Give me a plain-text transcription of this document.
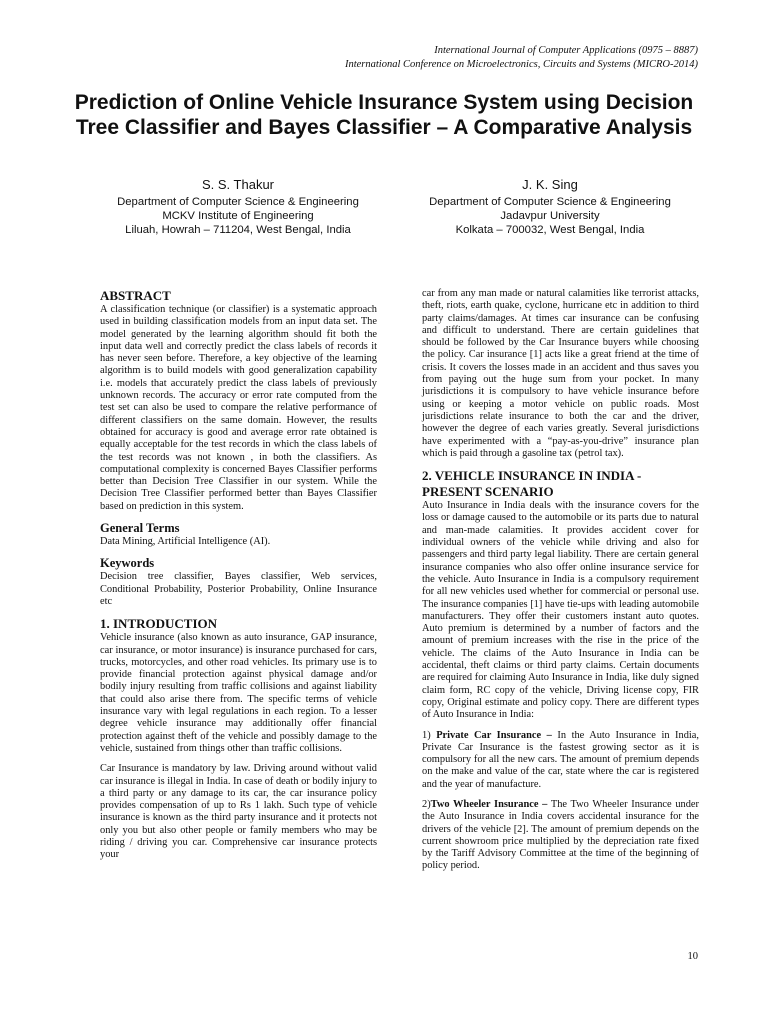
International Journal of Computer Applications (0975 – 8887)
International Conference on Microelectronics, Circuits and Systems (MICRO-2014)
Prediction of Online Vehicle Insurance System using Decision Tree Classifier and Bayes Classifier – A Comparative Analysis
S. S. Thakur
Department of Computer Science & Engineering
MCKV Institute of Engineering
Liluah, Howrah – 711204, West Bengal, India
J. K. Sing
Department of Computer Science & Engineering
Jadavpur University
Kolkata – 700032, West Bengal, India
ABSTRACT

A classification technique (or classifier) is a systematic approach used in building classification models from an input data set. The model generated by the learning algorithm should fit both the input data well and correctly predict the class labels of records it has never seen before. Therefore, a key objective of the learning algorithm is to build models with good generalization capability i.e. models that accurately predict the class labels of previously unknown records. The accuracy or error rate computed from the test set can also be used to compare the relative performance of different classifiers on the same domain. However, the results obtained for accuracy is good and average error rate obtained is equally acceptable for the test records in which the class labels of the test records was not known , in both the classifiers. As computational complexity is concerned Bayes Classifier performs better than Decision Tree Classifier in our system. While the Decision Tree Classifier performed better than Bayes Classifier based on prediction in this system.

General Terms

Data Mining, Artificial Intelligence (AI).

Keywords

Decision tree classifier, Bayes classifier, Web services, Conditional Probability, Posterior Probability, Online Insurance etc

1. INTRODUCTION

Vehicle insurance (also known as auto insurance, GAP insurance, car insurance, or motor insurance) is insurance purchased for cars, trucks, motorcycles, and other road vehicles. Its primary use is to provide financial protection against physical damage and/or bodily injury resulting from traffic collisions and against liability that could also arise there from. The specific terms of vehicle insurance vary with legal regulations in each region. To a lesser degree vehicle insurance may additionally offer financial protection against theft of the vehicle and possibly damage to the vehicle, sustained from things other than traffic collisions.

Car Insurance is mandatory by law. Driving around without valid car insurance is illegal in India. In case of death or bodily injury to a third party or any damage to its car, the car insurance policy provides compensation of up to Rs 1 lakh. Such type of vehicle insurance is known as the third party insurance and it protects not only you but also other people or family members who may be riding / driving you car. Comprehensive car insurance protects your

car from any man made or natural calamities like terrorist attacks, theft, riots, earth quake, cyclone, hurricane etc in addition to third party claims/damages. At times car insurance can be confusing and difficult to understand. There are certain guidelines that should be followed by the Car Insurance buyers while choosing the policy. Car insurance [1] acts like a great friend at the time of crisis. It covers the losses made in an accident and thus saves you from paying out the huge sum from your pocket. In many jurisdictions it is compulsory to have vehicle insurance before using or keeping a motor vehicle on public roads. Most jurisdictions relate insurance to both the car and the driver, however the degree of each varies greatly. Several jurisdictions have experimented with a “pay-as-you-drive” insurance plan which is paid through a gasoline tax (petrol tax).

2. VEHICLE INSURANCE IN INDIA - PRESENT SCENARIO

Auto Insurance in India deals with the insurance covers for the loss or damage caused to the automobile or its parts due to natural and man-made calamities. It provides accident cover for individual owners of the vehicle while driving and also for passengers and third party legal liability. There are certain general insurance companies who also offer online insurance service for the vehicle. Auto Insurance in India is a compulsory requirement for all new vehicles used whether for commercial or personal use. The insurance companies [1] have tie-ups with leading automobile manufacturers. They offer their customers instant auto quotes. Auto premium is determined by a number of factors and the amount of premium increases with the rise in the price of the vehicle. The claims of the Auto Insurance in India can be accidental, theft claims or third party claims. Certain documents are required for claiming Auto Insurance in India, like duly signed claim form, RC copy of the vehicle, Driving license copy, FIR copy, Original estimate and policy copy. There are different types of Auto Insurance in India:

1) Private Car Insurance – In the Auto Insurance in India, Private Car Insurance is the fastest growing sector as it is compulsory for all the new cars. The amount of premium depends on the make and value of the car, state where the car is registered and the year of manufacture.

2)Two Wheeler Insurance – The Two Wheeler Insurance under the Auto Insurance in India covers accidental insurance for the drivers of the vehicle [2]. The amount of premium depends on the current showroom price multiplied by the depreciation rate fixed by the Tariff Advisory Committee at the time of the beginning of policy period.

10
